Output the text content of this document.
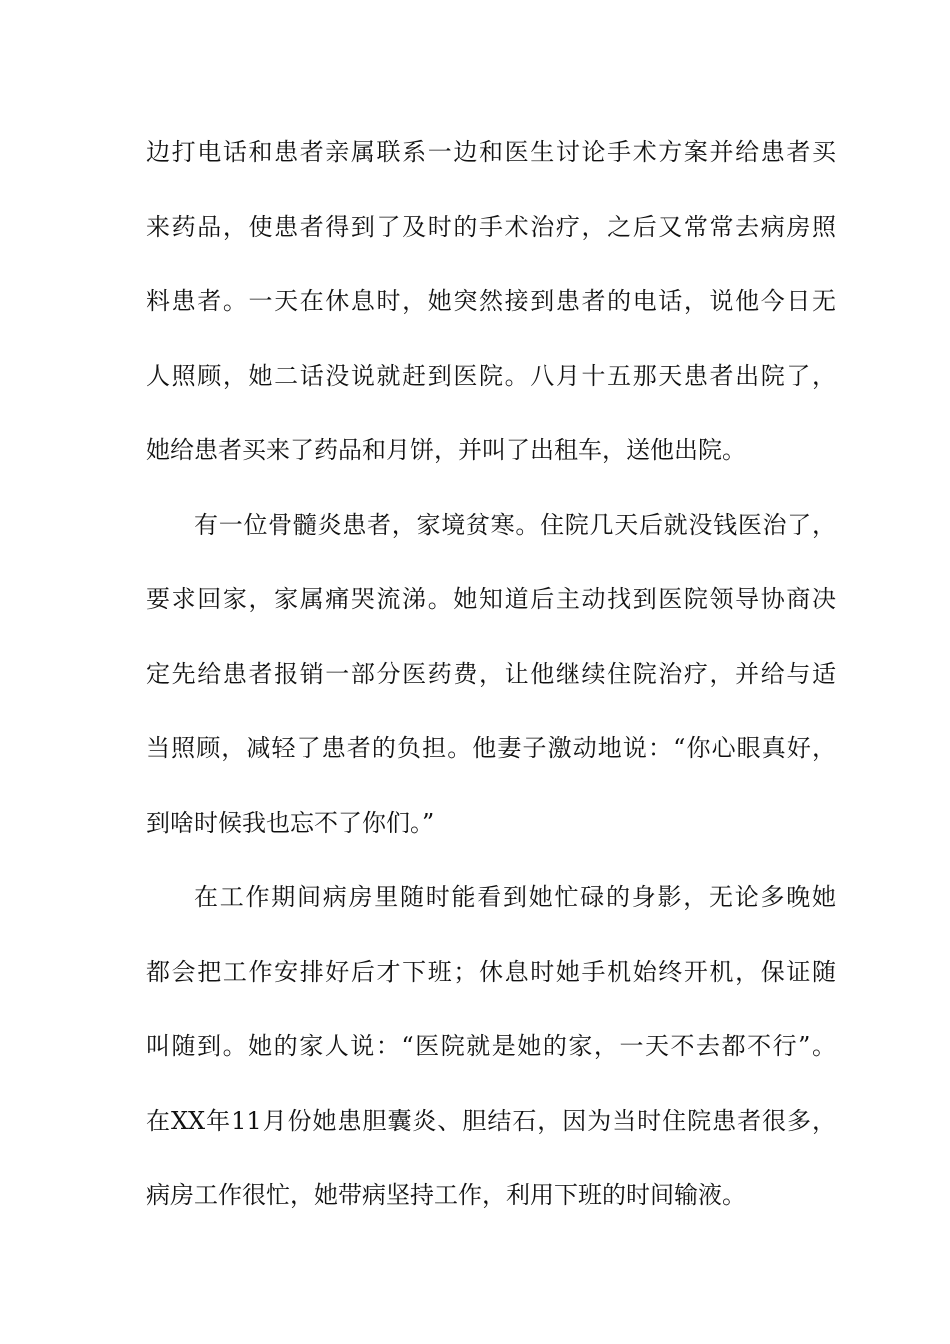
边打电话和患者亲属联系一边和医生讨论手术方案并给患者买
来药品，使患者得到了及时的手术治疗，之后又常常去病房照
料患者。一天在休息时，她突然接到患者的电话，说他今日无
人照顾，她二话没说就赶到医院。八月十五那天患者出院了，
她给患者买来了药品和月饼，并叫了出租车，送他出院。
有一位骨髓炎患者，家境贫寒。住院几天后就没钱医治了，
要求回家，家属痛哭流涕。她知道后主动找到医院领导协商决
定先给患者报销一部分医药费，让他继续住院治疗，并给与适
当照顾，减轻了患者的负担。他妻子激动地说：“你心眼真好，
到啥时候我也忘不了你们。”
在工作期间病房里随时能看到她忙碌的身影，无论多晚她
都会把工作安排好后才下班；休息时她手机始终开机，保证随
叫随到。她的家人说：“医院就是她的家，一天不去都不行”。
在XX年11月份她患胆囊炎、胆结石，因为当时住院患者很多，
病房工作很忙，她带病坚持工作，利用下班的时间输液。
